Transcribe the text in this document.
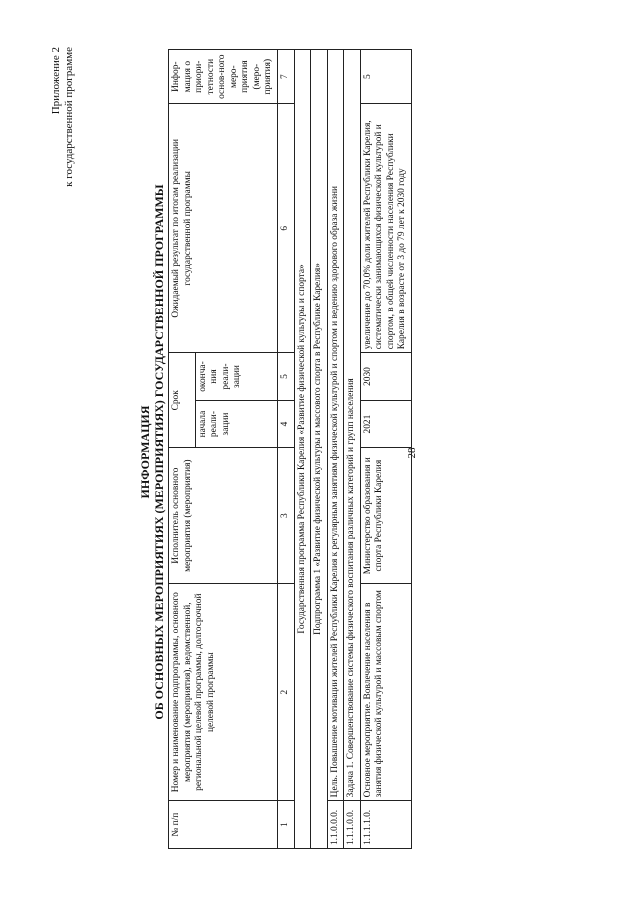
28
Приложение 2 к государственной программе
ИНФОРМАЦИЯ ОБ ОСНОВНЫХ МЕРОПРИЯТИЯХ (МЕРОПРИЯТИЯХ) ГОСУДАРСТВЕННОЙ ПРОГРАММЫ
№ п/п	Номер и наименование подпрограммы, основного мероприятия (мероприятия), ведомственной, региональной целевой программы, долгосрочной целевой программы	Исполнитель основного мероприятия (мероприятия)	Срок		Ожидаемый результат по итогам реализации государственной программы	Инфор-мация о приори-тетности основ-ного меро-приятия (меро-приятия)
			начала реали-зации	оконча-ния реали-зации		
1	2	3	4	5	6	7
Государственная программа Республики Карелия «Развитие физической культуры и спорта»						
Подпрограмма 1 «Развитие физической культуры и массового спорта в Республике Карелия»						
1.1.0.0.0.	Цель. Повышение мотивации жителей Республики Карелия к регулярным занятиям физической культурой и спортом и ведению здорового образа жизни					
1.1.1.0.0.	Задача 1. Совершенствование системы физического воспитания различных категорий и групп населения					
1.1.1.1.0.	Основное мероприятие. Вовлечение населения в занятия физической культурой и массовым спортом	Министерство образования и спорта Республики Карелия	2021	2030	увеличение до 70,0% доли жителей Республики Карелия, систематически занимающихся физической культурой и спортом, в общей численности населения Республики Карелия в возрасте от 3 до 79 лет к 2030 году	5
